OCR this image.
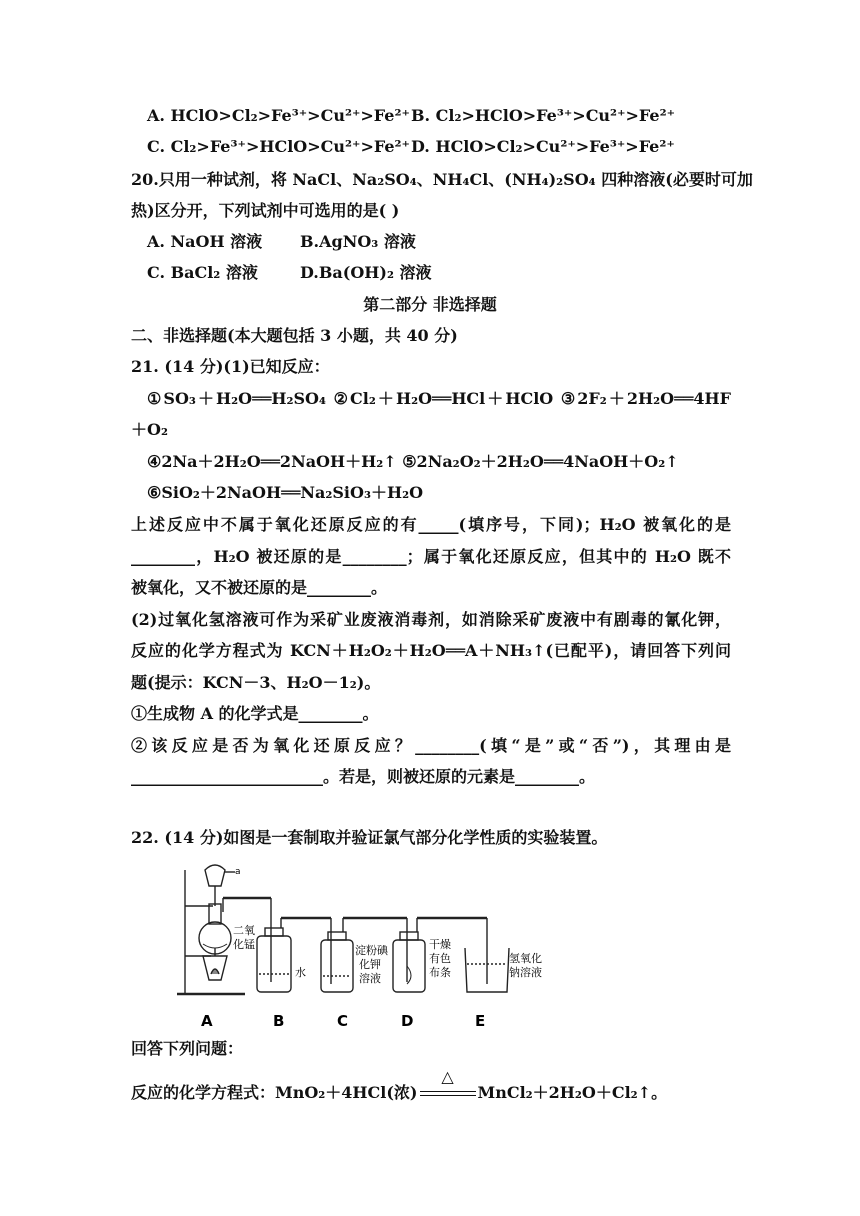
A. HClO>Cl₂>Fe³⁺>Cu²⁺>Fe²⁺ B. Cl₂>HClO>Fe³⁺>Cu²⁺>Fe²⁺
C. Cl₂>Fe³⁺>HClO>Cu²⁺>Fe²⁺ D. HClO>Cl₂>Cu²⁺>Fe³⁺>Fe²⁺
20.只用一种试剂，将 NaCl、Na₂SO₄、NH₄Cl、(NH₄)₂SO₄ 四种溶液(必要时可加
热)区分开，下列试剂中可选用的是( )
A. NaOH 溶液 B.AgNO₃ 溶液
C. BaCl₂ 溶液	D.Ba(OH)₂ 溶液
第二部分 非选择题
二、非选择题(本大题包括 3 小题，共 40 分)
21. (14 分)(1)已知反应：
①SO₃＋H₂O══H₂SO₄ ②Cl₂＋H₂O══HCl＋HClO ③2F₂＋2H₂O══4HF
＋O₂
④2Na＋2H₂O══2NaOH＋H₂↑ ⑤2Na₂O₂＋2H₂O══4NaOH＋O₂↑
⑥SiO₂＋2NaOH══Na₂SiO₃＋H₂O
上述反应中不属于氧化还原反应的有_____(填序号，下同)；H₂O 被氧化的是
________，H₂O 被还原的是________；属于氧化还原反应，但其中的 H₂O 既不
被氧化，又不被还原的是________。
(2)过氧化氢溶液可作为采矿业废液消毒剂，如消除采矿废液中有剧毒的氰化钾，
反应的化学方程式为 KCN＋H₂O₂＋H₂O══A＋NH₃↑(已配平)，请回答下列问
题(提示：KCN－3、H₂O－1₂)。
①生成物 A 的化学式是________。
②该反应是否为氧化还原反应？________(填“是”或“否”)，其理由是
________________________。若是，则被还原的元素是________。
22. (14 分)如图是一套制取并验证氯气部分化学性质的实验装置。
a
二氧
化锰
水
淀粉碘
化钾
溶液
干燥
有色
布条
氢氧化
钠溶液
A	B	C	D	E
回答下列问题：
反应的化学方程式：MnO₂＋4HCl(浓)
△
MnCl₂＋2H₂O＋Cl₂↑。
